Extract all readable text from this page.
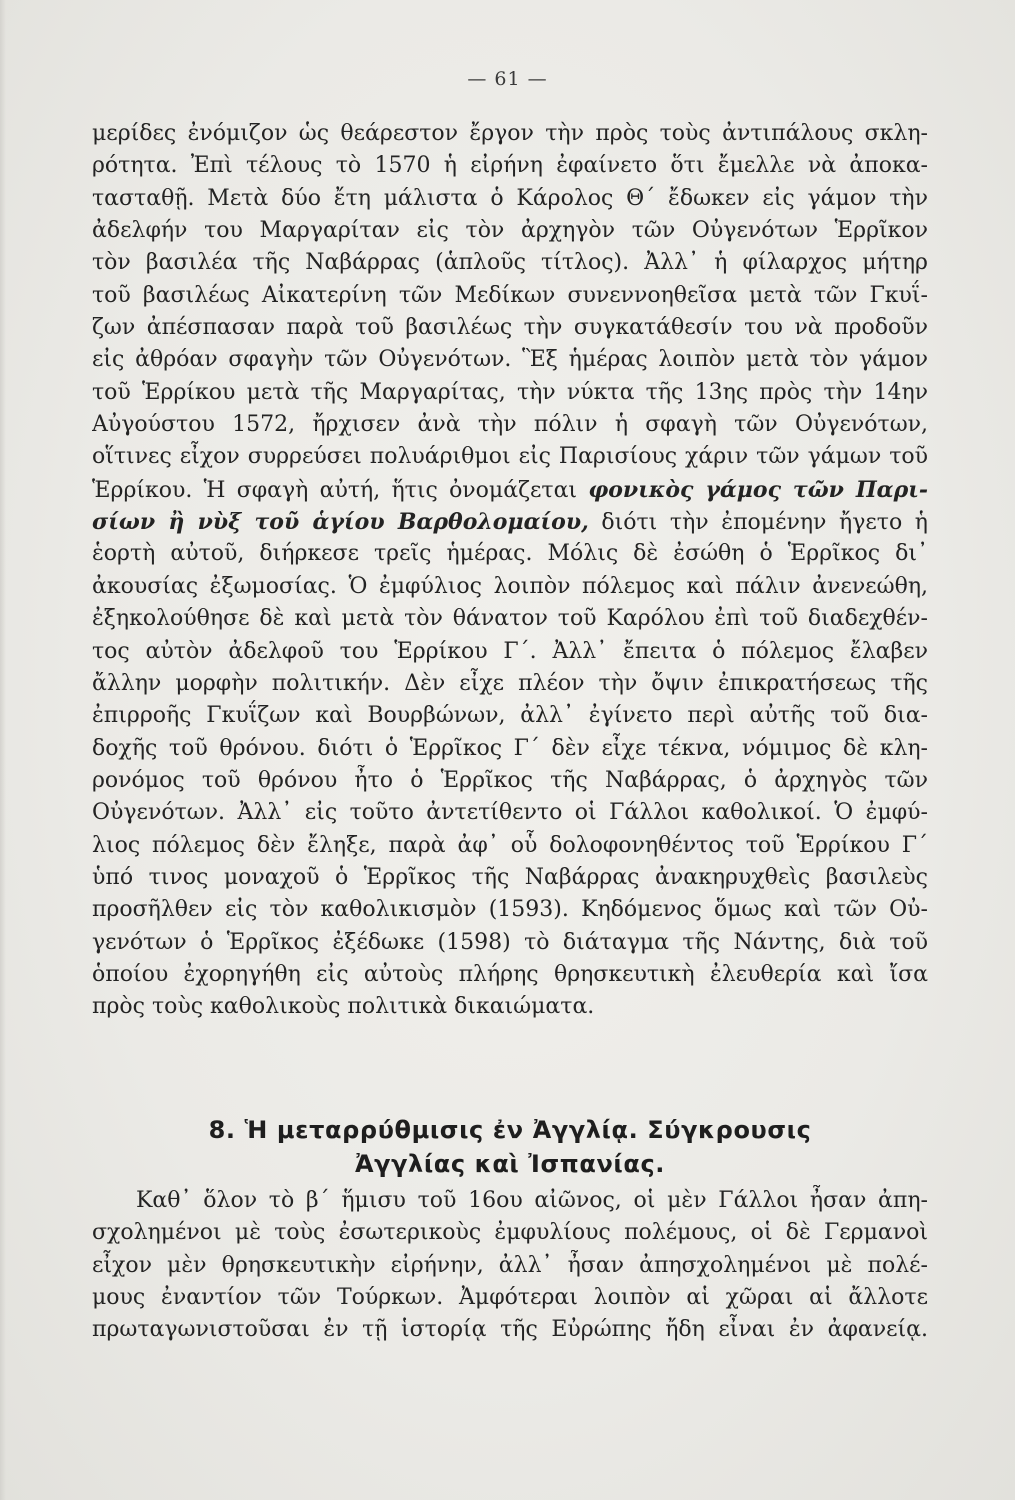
— 61 —
μερίδες ἐνόμιζον ὡς θεάρεστον ἔργον τὴν πρὸς τοὺς ἀντιπάλους σκλη-
ρότητα. Ἐπὶ τέλους τὸ 1570 ἡ εἰρήνη ἐφαίνετο ὅτι ἔμελλε νὰ ἀποκα-
τασταθῇ. Μετὰ δύο ἔτη μάλιστα ὁ Κάρολος Θ΄ ἔδωκεν εἰς γάμον τὴν
ἀδελφήν του Μαργαρίταν εἰς τὸν ἀρχηγὸν τῶν Οὐγενότων Ἑρρῖκον
τὸν βασιλέα τῆς Ναβάρρας (ἁπλοῦς τίτλος). Ἀλλ᾽ ἡ φίλαρχος μήτηρ
τοῦ βασιλέως Αἰκατερίνη τῶν Μεδίκων συνεννοηθεῖσα μετὰ τῶν Γκυΐ-
ζων ἀπέσπασαν παρὰ τοῦ βασιλέως τὴν συγκατάθεσίν του νὰ προδοῦν
εἰς ἀθρόαν σφαγὴν τῶν Οὐγενότων. Ἓξ ἡμέρας λοιπὸν μετὰ τὸν γάμον
τοῦ Ἑρρίκου μετὰ τῆς Μαργαρίτας, τὴν νύκτα τῆς 13ης πρὸς τὴν 14ην
Αὐγούστου 1572, ἤρχισεν ἀνὰ τὴν πόλιν ἡ σφαγὴ τῶν Οὐγενότων,
οἵτινες εἶχον συρρεύσει πολυάριθμοι εἰς Παρισίους χάριν τῶν γάμων τοῦ
Ἑρρίκου. Ἡ σφαγὴ αὐτή, ἥτις ὀνομάζεται φονικὸς γάμος τῶν Παρι-
σίων ἢ νὺξ τοῦ ἁγίου Βαρθολομαίου, διότι τὴν ἐπομένην ἤγετο ἡ
ἑορτὴ αὐτοῦ, διήρκεσε τρεῖς ἡμέρας. Μόλις δὲ ἐσώθη ὁ Ἑρρῖκος δι᾽
ἀκουσίας ἐξωμοσίας. Ὁ ἐμφύλιος λοιπὸν πόλεμος καὶ πάλιν ἀνενεώθη,
ἐξηκολούθησε δὲ καὶ μετὰ τὸν θάνατον τοῦ Καρόλου ἐπὶ τοῦ διαδεχθέν-
τος αὐτὸν ἀδελφοῦ του Ἑρρίκου Γ΄. Ἀλλ᾽ ἔπειτα ὁ πόλεμος ἔλαβεν
ἄλλην μορφὴν πολιτικήν. Δὲν εἶχε πλέον τὴν ὄψιν ἐπικρατήσεως τῆς
ἐπιρροῆς Γκυΐζων καὶ Βουρβώνων, ἀλλ᾽ ἐγίνετο περὶ αὐτῆς τοῦ δια-
δοχῆς τοῦ θρόνου. διότι ὁ Ἑρρῖκος Γ΄ δὲν εἶχε τέκνα, νόμιμος δὲ κλη-
ρονόμος τοῦ θρόνου ἦτο ὁ Ἑρρῖκος τῆς Ναβάρρας, ὁ ἀρχηγὸς τῶν
Οὐγενότων. Ἀλλ᾽ εἰς τοῦτο ἀντετίθεντο οἱ Γάλλοι καθολικοί. Ὁ ἐμφύ-
λιος πόλεμος δὲν ἔληξε, παρὰ ἀφ᾽ οὗ δολοφονηθέντος τοῦ Ἑρρίκου Γ΄
ὑπό τινος μοναχοῦ ὁ Ἑρρῖκος τῆς Ναβάρρας ἀνακηρυχθεὶς βασιλεὺς
προσῆλθεν εἰς τὸν καθολικισμὸν (1593). Κηδόμενος ὅμως καὶ τῶν Οὐ-
γενότων ὁ Ἑρρῖκος ἐξέδωκε (1598) τὸ διάταγμα τῆς Νάντης, διὰ τοῦ
ὁποίου ἐχορηγήθη εἰς αὐτοὺς πλήρης θρησκευτικὴ ἐλευθερία καὶ ἴσα
πρὸς τοὺς καθολικοὺς πολιτικὰ δικαιώματα.
8. Ἡ μεταρρύθμισις ἐν Ἀγγλίᾳ. Σύγκρουσις
Ἀγγλίας καὶ Ἰσπανίας.
Καθ᾽ ὅλον τὸ β΄ ἥμισυ τοῦ 16ου αἰῶνος, οἱ μὲν Γάλλοι ἦσαν ἀπη-
σχολημένοι μὲ τοὺς ἐσωτερικοὺς ἐμφυλίους πολέμους, οἱ δὲ Γερμανοὶ
εἶχον μὲν θρησκευτικὴν εἰρήνην, ἀλλ᾽ ἦσαν ἀπησχολημένοι μὲ πολέ-
μους ἐναντίον τῶν Τούρκων. Ἀμφότεραι λοιπὸν αἱ χῶραι αἱ ἄλλοτε
πρωταγωνιστοῦσαι ἐν τῇ ἱστορίᾳ τῆς Εὐρώπης ἤδη εἶναι ἐν ἀφανείᾳ.
